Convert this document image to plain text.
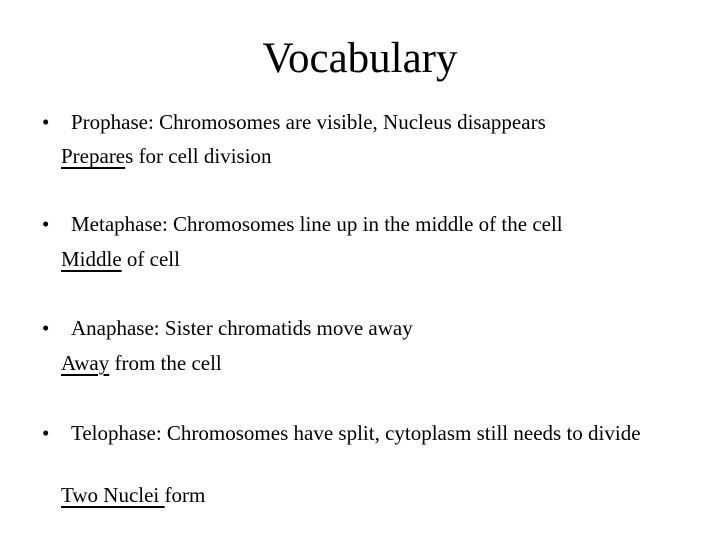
Vocabulary
• Prophase: Chromosomes are visible, Nucleus disappears
Prepares for cell division
• Metaphase: Chromosomes line up in the middle of the cell
Middle of cell
• Anaphase: Sister chromatids move away
Away from the cell
• Telophase: Chromosomes have split, cytoplasm still needs to divide
Two Nuclei form
